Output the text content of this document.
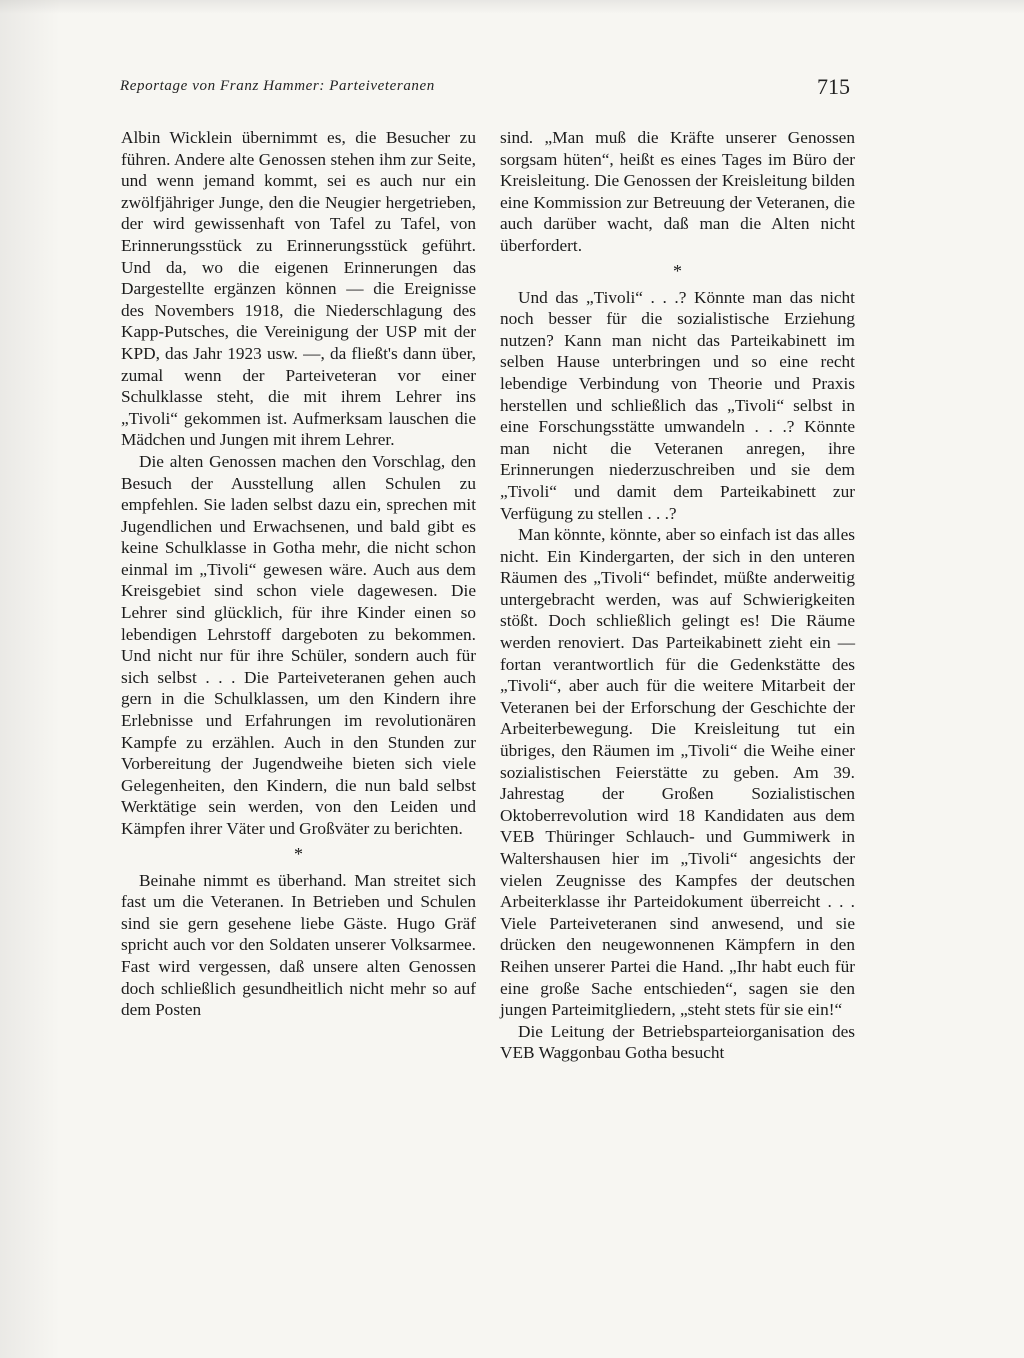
Reportage von Franz Hammer: Parteiveteranen	715

Albin Wicklein übernimmt es, die Besucher zu führen. Andere alte Genossen stehen ihm zur Seite, und wenn jemand kommt, sei es auch nur ein zwölfjähriger Junge, den die Neugier hergetrieben, der wird gewissenhaft von Tafel zu Tafel, von Erinnerungsstück zu Erinnerungsstück geführt. Und da, wo die eigenen Erinnerungen das Dargestellte ergänzen können — die Ereignisse des Novembers 1918, die Niederschlagung des Kapp-Putsches, die Vereinigung der USP mit der KPD, das Jahr 1923 usw. —, da fließt's dann über, zumal wenn der Parteiveteran vor einer Schulklasse steht, die mit ihrem Lehrer ins „Tivoli“ gekommen ist. Aufmerksam lauschen die Mädchen und Jungen mit ihrem Lehrer.

Die alten Genossen machen den Vorschlag, den Besuch der Ausstellung allen Schulen zu empfehlen. Sie laden selbst dazu ein, sprechen mit Jugendlichen und Erwachsenen, und bald gibt es keine Schulklasse in Gotha mehr, die nicht schon einmal im „Tivoli“ gewesen wäre. Auch aus dem Kreisgebiet sind schon viele dagewesen. Die Lehrer sind glücklich, für ihre Kinder einen so lebendigen Lehrstoff dargeboten zu bekommen. Und nicht nur für ihre Schüler, sondern auch für sich selbst . . . Die Parteiveteranen gehen auch gern in die Schulklassen, um den Kindern ihre Erlebnisse und Erfahrungen im revolutionären Kampfe zu erzählen. Auch in den Stunden zur Vorbereitung der Jugendweihe bieten sich viele Gelegenheiten, den Kindern, die nun bald selbst Werktätige sein werden, von den Leiden und Kämpfen ihrer Väter und Großväter zu berichten.

*

Beinahe nimmt es überhand. Man streitet sich fast um die Veteranen. In Betrieben und Schulen sind sie gern gesehene liebe Gäste. Hugo Gräf spricht auch vor den Soldaten unserer Volksarmee. Fast wird vergessen, daß unsere alten Genossen doch schließlich gesundheitlich nicht mehr so auf dem Posten

sind. „Man muß die Kräfte unserer Genossen sorgsam hüten“, heißt es eines Tages im Büro der Kreisleitung. Die Genossen der Kreisleitung bilden eine Kommission zur Betreuung der Veteranen, die auch darüber wacht, daß man die Alten nicht überfordert.

*

Und das „Tivoli“ . . .? Könnte man das nicht noch besser für die sozialistische Erziehung nutzen? Kann man nicht das Parteikabinett im selben Hause unterbringen und so eine recht lebendige Verbindung von Theorie und Praxis herstellen und schließlich das „Tivoli“ selbst in eine Forschungsstätte umwandeln . . .? Könnte man nicht die Veteranen anregen, ihre Erinnerungen niederzuschreiben und sie dem „Tivoli“ und damit dem Parteikabinett zur Verfügung zu stellen . . .?

Man könnte, könnte, aber so einfach ist das alles nicht. Ein Kindergarten, der sich in den unteren Räumen des „Tivoli“ befindet, müßte anderweitig untergebracht werden, was auf Schwierigkeiten stößt. Doch schließlich gelingt es! Die Räume werden renoviert. Das Parteikabinett zieht ein — fortan verantwortlich für die Gedenkstätte des „Tivoli“, aber auch für die weitere Mitarbeit der Veteranen bei der Erforschung der Geschichte der Arbeiterbewegung. Die Kreisleitung tut ein übriges, den Räumen im „Tivoli“ die Weihe einer sozialistischen Feierstätte zu geben. Am 39. Jahrestag der Großen Sozialistischen Oktoberrevolution wird 18 Kandidaten aus dem VEB Thüringer Schlauch- und Gummiwerk in Waltershausen hier im „Tivoli“ angesichts der vielen Zeugnisse des Kampfes der deutschen Arbeiterklasse ihr Parteidokument überreicht . . . Viele Parteiveteranen sind anwesend, und sie drücken den neugewonnenen Kämpfern in den Reihen unserer Partei die Hand. „Ihr habt euch für eine große Sache entschieden“, sagen sie den jungen Parteimitgliedern, „steht stets für sie ein!“

Die Leitung der Betriebsparteiorganisation des VEB Waggonbau Gotha besucht
